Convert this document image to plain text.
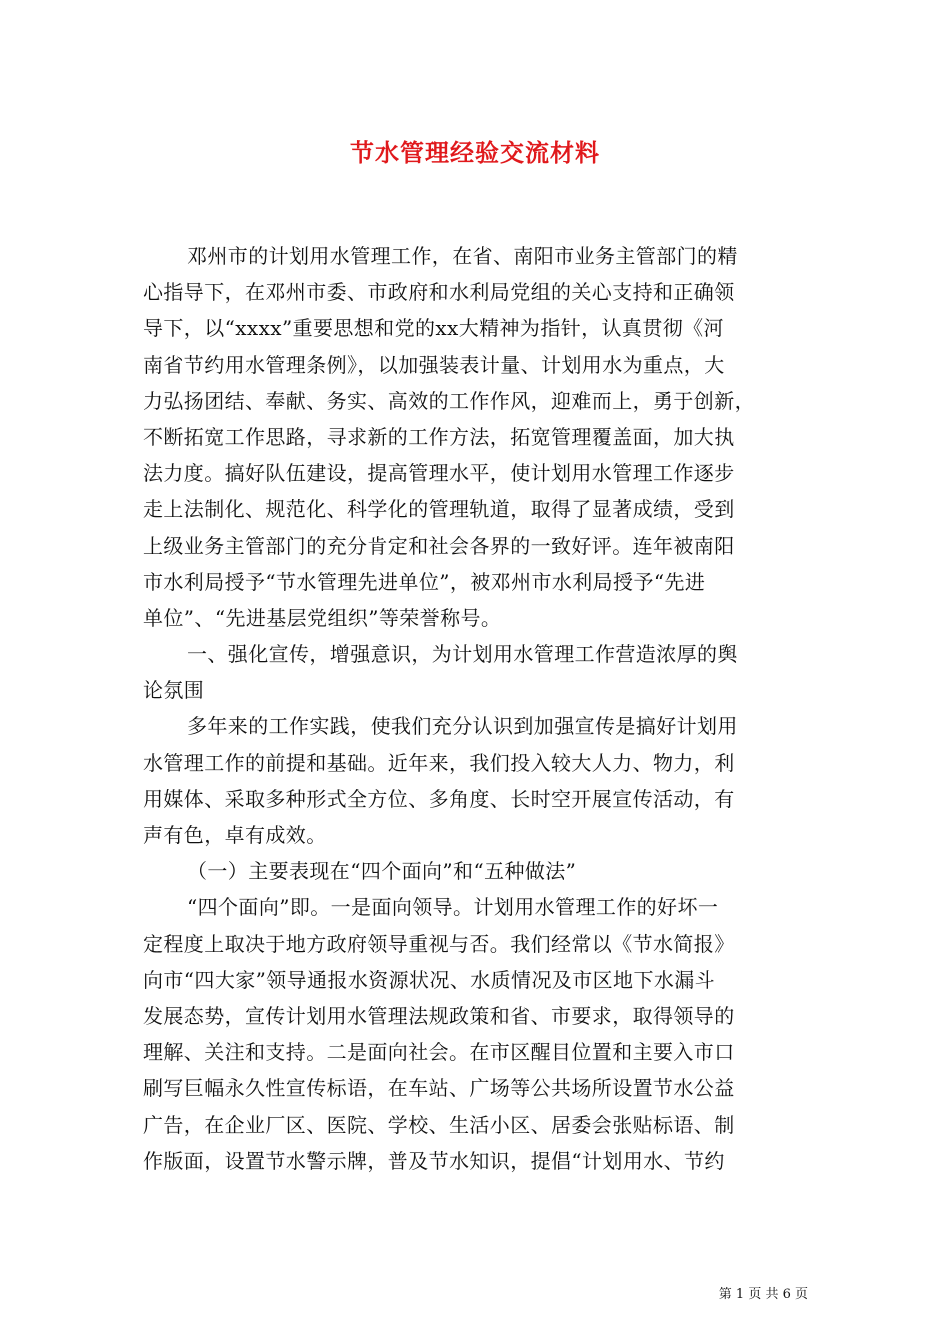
节水管理经验交流材料
邓州市的计划用水管理工作，在省、南阳市业务主管部门的精
心指导下，在邓州市委、市政府和水利局党组的关心支持和正确领
导下，以“xxxx”重要思想和党的xx大精神为指针，认真贯彻《河
南省节约用水管理条例》，以加强装表计量、计划用水为重点，大
力弘扬团结、奉献、务实、高效的工作作风，迎难而上，勇于创新，
不断拓宽工作思路，寻求新的工作方法，拓宽管理覆盖面，加大执
法力度。搞好队伍建设，提高管理水平，使计划用水管理工作逐步
走上法制化、规范化、科学化的管理轨道，取得了显著成绩，受到
上级业务主管部门的充分肯定和社会各界的一致好评。连年被南阳
市水利局授予“节水管理先进单位”，被邓州市水利局授予“先进
单位”、“先进基层党组织”等荣誉称号。
一、强化宣传，增强意识，为计划用水管理工作营造浓厚的舆
论氛围
多年来的工作实践，使我们充分认识到加强宣传是搞好计划用
水管理工作的前提和基础。近年来，我们投入较大人力、物力，利
用媒体、采取多种形式全方位、多角度、长时空开展宣传活动，有
声有色，卓有成效。
（一）主要表现在“四个面向”和“五种做法”
“四个面向”即。一是面向领导。计划用水管理工作的好坏一
定程度上取决于地方政府领导重视与否。我们经常以《节水简报》
向市“四大家”领导通报水资源状况、水质情况及市区地下水漏斗
发展态势，宣传计划用水管理法规政策和省、市要求，取得领导的
理解、关注和支持。二是面向社会。在市区醒目位置和主要入市口
刷写巨幅永久性宣传标语，在车站、广场等公共场所设置节水公益
广告，在企业厂区、医院、学校、生活小区、居委会张贴标语、制
作版面，设置节水警示牌，普及节水知识，提倡“计划用水、节约
第 1 页 共 6 页
